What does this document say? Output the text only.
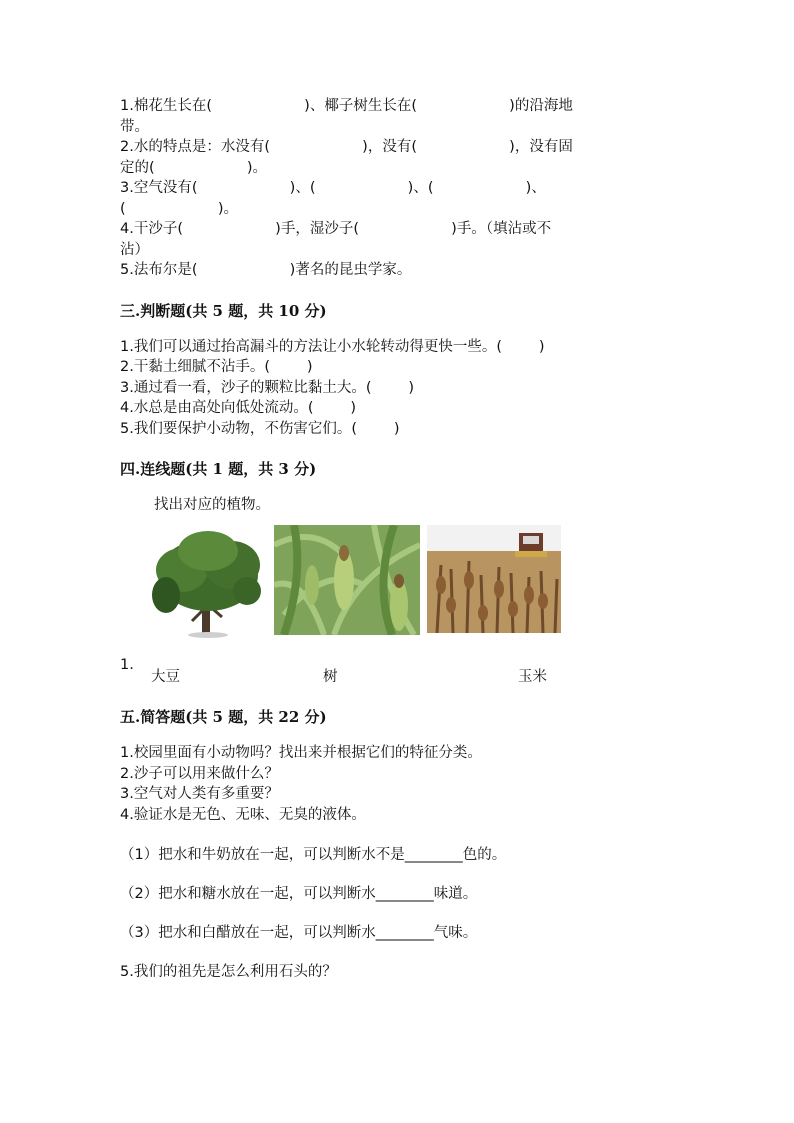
1.棉花生长在(                    )、椰子树生长在(                    )的沿海地

带。

2.水的特点是：水没有(                    )，没有(                    )，没有固

定的(                    )。

3.空气没有(                    )、(                    )、(                    )、

(                    )。

4.干沙子(                    )手，湿沙子(                    )手。（填沾或不

沾）

5.法布尔是(                    )著名的昆虫学家。

三.判断题(共 5 题，共 10 分)

1.我们可以通过抬高漏斗的方法让小水轮转动得更快一些。(        )

2.干黏土细腻不沾手。(        )

3.通过看一看，沙子的颗粒比黏土大。(        )

4.水总是由高处向低处流动。(        )

5.我们要保护小动物，不伤害它们。(        )

四.连线题(共 1 题，共 3 分)
找出对应的植物。
1.
大豆	树	玉米
五.简答题(共 5 题，共 22 分)

1.校园里面有小动物吗？找出来并根据它们的特征分类。

2.沙子可以用来做什么？

3.空气对人类有多重要？

4.验证水是无色、无味、无臭的液体。

（1）把水和牛奶放在一起，可以判断水不是________色的。

（2）把水和糖水放在一起，可以判断水________味道。

（3）把水和白醋放在一起，可以判断水________气味。

5.我们的祖先是怎么利用石头的？
